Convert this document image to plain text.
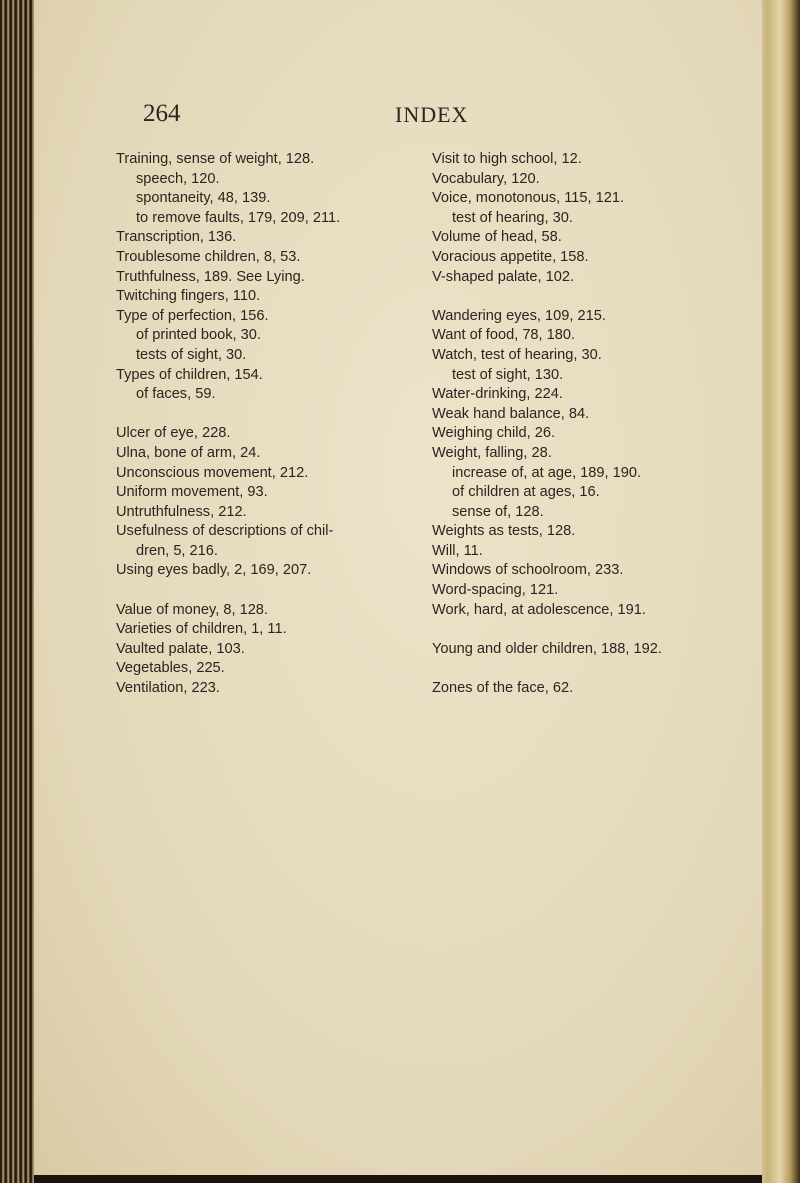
264	INDEX
Training, sense of weight, 128.
speech, 120.
spontaneity, 48, 139.
to remove faults, 179, 209, 211.
Transcription, 136.
Troublesome children, 8, 53.
Truthfulness, 189. See Lying.
Twitching fingers, 110.
Type of perfection, 156.
of printed book, 30.
tests of sight, 30.
Types of children, 154.
of faces, 59.
Ulcer of eye, 228.
Ulna, bone of arm, 24.
Unconscious movement, 212.
Uniform movement, 93.
Untruthfulness, 212.
Usefulness of descriptions of chil-
dren, 5, 216.
Using eyes badly, 2, 169, 207.
Value of money, 8, 128.
Varieties of children, 1, 11.
Vaulted palate, 103.
Vegetables, 225.
Ventilation, 223.
Visit to high school, 12.
Vocabulary, 120.
Voice, monotonous, 115, 121.
test of hearing, 30.
Volume of head, 58.
Voracious appetite, 158.
V-shaped palate, 102.
Wandering eyes, 109, 215.
Want of food, 78, 180.
Watch, test of hearing, 30.
test of sight, 130.
Water-drinking, 224.
Weak hand balance, 84.
Weighing child, 26.
Weight, falling, 28.
increase of, at age, 189, 190.
of children at ages, 16.
sense of, 128.
Weights as tests, 128.
Will, 11.
Windows of schoolroom, 233.
Word-spacing, 121.
Work, hard, at adolescence, 191.
Young and older children, 188, 192.
Zones of the face, 62.
